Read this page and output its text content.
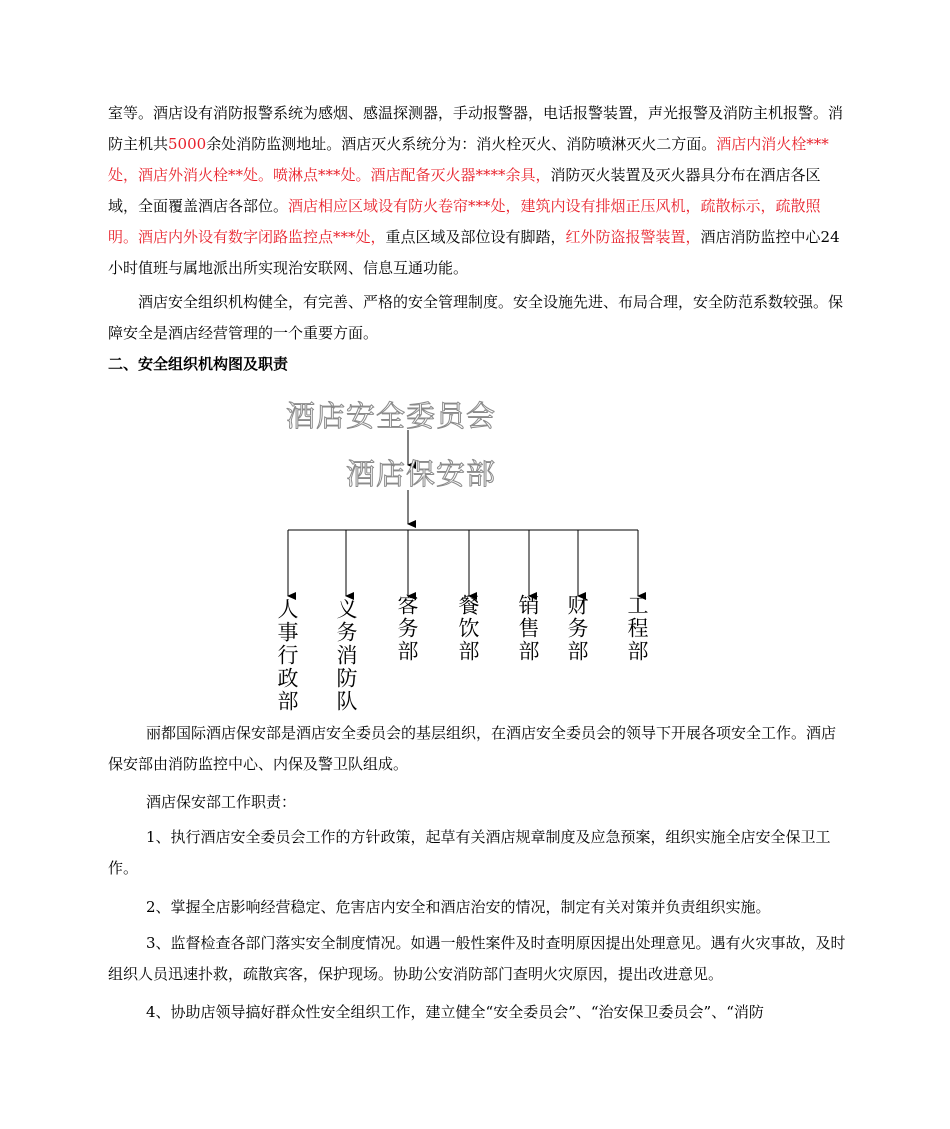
室等。酒店设有消防报警系统为感烟、感温探测器，手动报警器，电话报警装置，声光报警及消防主机报警。消防主机共5000余处消防监测地址。酒店灭火系统分为：消火栓灭火、消防喷淋灭火二方面。酒店内消火栓***处，酒店外消火栓**处。喷淋点***处。酒店配备灭火器****余具，消防灭火装置及灭火器具分布在酒店各区域，全面覆盖酒店各部位。酒店相应区域设有防火卷帘***处，建筑内设有排烟正压风机，疏散标示，疏散照明。酒店内外设有数字闭路监控点***处，重点区域及部位设有脚踏，红外防盗报警装置，酒店消防监控中心24小时值班与属地派出所实现治安联网、信息互通功能。

酒店安全组织机构健全，有完善、严格的安全管理制度。安全设施先进、布局合理，安全防范系数较强。保障安全是酒店经营管理的一个重要方面。

二、安全组织机构图及职责

酒店安全委员会
酒店保安部
人事行政部 义务消防队 客务部 餐饮部 销售部 财务部 工程部

丽都国际酒店保安部是酒店安全委员会的基层组织，在酒店安全委员会的领导下开展各项安全工作。酒店保安部由消防监控中心、内保及警卫队组成。

酒店保安部工作职责：

1、执行酒店安全委员会工作的方针政策，起草有关酒店规章制度及应急预案，组织实施全店安全保卫工作。

2、掌握全店影响经营稳定、危害店内安全和酒店治安的情况，制定有关对策并负责组织实施。

3、监督检查各部门落实安全制度情况。如遇一般性案件及时查明原因提出处理意见。遇有火灾事故，及时组织人员迅速扑救，疏散宾客，保护现场。协助公安消防部门查明火灾原因，提出改进意见。

4、协助店领导搞好群众性安全组织工作，建立健全“安全委员会”、“治安保卫委员会”、“消防
